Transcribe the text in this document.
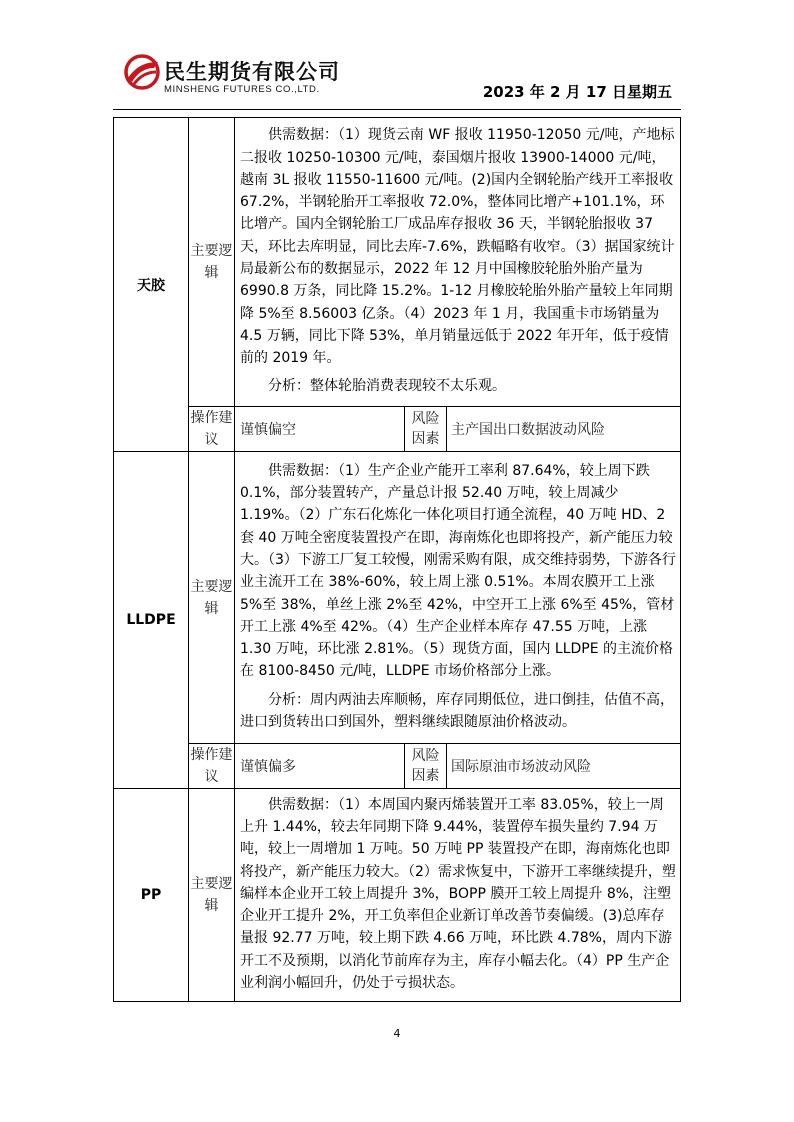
民生期货有限公司
MINSHENG FUTURES CO.,LTD.	2023 年 2 月 17 日星期五
天胶	主要逻辑	供需数据：（1）现货云南 WF 报收 11950-12050 元/吨，产地标二报收 10250-10300 元/吨，泰国烟片报收 13900-14000 元/吨，越南 3L 报收 11550-11600 元/吨。(2)国内全钢轮胎产线开工率报收 67.2%，半钢轮胎开工率报收 72.0%，整体同比增产+101.1%，环比增产。国内全钢轮胎工厂成品库存报收 36 天，半钢轮胎报收 37 天，环比去库明显，同比去库-7.6%，跌幅略有收窄。（3）据国家统计局最新公布的数据显示，2022 年 12 月中国橡胶轮胎外胎产量为 6990.8 万条，同比降 15.2%。1-12 月橡胶轮胎外胎产量较上年同期降 5%至 8.56003 亿条。（4）2023 年 1 月，我国重卡市场销量为 4.5 万辆，同比下降 53%，单月销量远低于 2022 年开年，低于疫情前的 2019 年。

分析：整体轮胎消费表现较不太乐观。		

	操作建议	谨慎偏空	风险因素	主产国出口数据波动风险
LLDPE	主要逻辑	供需数据：（1）生产企业产能开工率利 87.64%，较上周下跌 0.1%，部分装置转产，产量总计报 52.40 万吨，较上周减少 1.19%。（2）广东石化炼化一体化项目打通全流程，40 万吨 HD、2 套 40 万吨全密度装置投产在即，海南炼化也即将投产，新产能压力较大。（3）下游工厂复工较慢，刚需采购有限，成交维持弱势，下游各行业主流开工在 38%-60%，较上周上涨 0.51%。本周农膜开工上涨 5%至 38%，单丝上涨 2%至 42%，中空开工上涨 6%至 45%，管材开工上涨 4%至 42%。（4）生产企业样本库存 47.55 万吨，上涨 1.30 万吨，环比涨 2.81%。（5）现货方面，国内 LLDPE 的主流价格在 8100-8450 元/吨，LLDPE 市场价格部分上涨。

分析：周内两油去库顺畅，库存同期低位，进口倒挂，估值不高，进口到货转出口到国外，塑料继续跟随原油价格波动。		

	操作建议	谨慎偏多	风险因素	国际原油市场波动风险
PP	主要逻辑	供需数据：（1）本周国内聚丙烯装置开工率 83.05%，较上一周上升 1.44%，较去年同期下降 9.44%，装置停车损失量约 7.94 万吨，较上一周增加 1 万吨。50 万吨 PP 装置投产在即，海南炼化也即将投产，新产能压力较大。（2）需求恢复中，下游开工率继续提升，塑编样本企业开工较上周提升 3%，BOPP 膜开工较上周提升 8%，注塑企业开工提升 2%，开工负率但企业新订单改善节奏偏缓。(3)总库存量报 92.77 万吨，较上期下跌 4.66 万吨，环比跌 4.78%，周内下游开工不及预期，以消化节前库存为主，库存小幅去化。（4）PP 生产企业利润小幅回升，仍处于亏损状态。		

4
